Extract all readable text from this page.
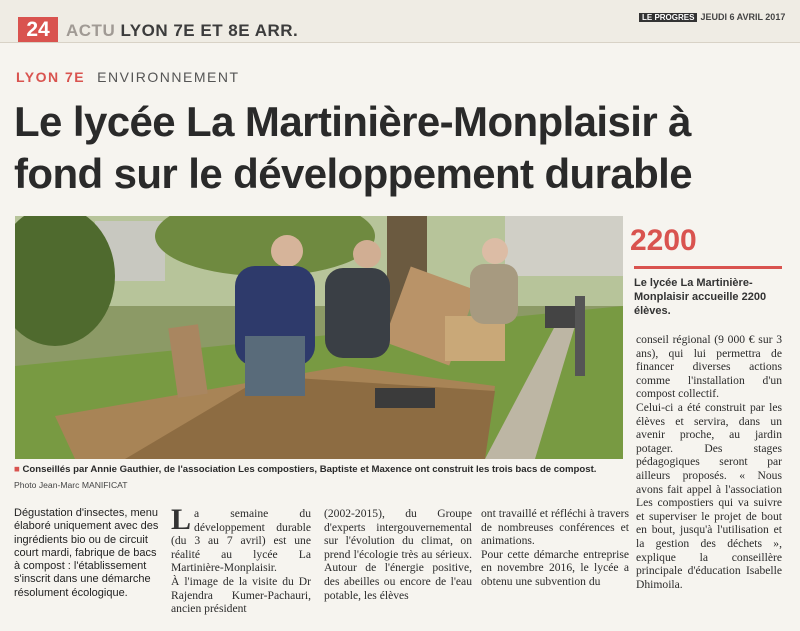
24 ACTU LYON 7E ET 8E ARR.
LE PROGRES JEUDI 6 AVRIL 2017
LYON 7E ENVIRONNEMENT
Le lycée La Martinière-Monplaisir à fond sur le développement durable
■ Conseillés par Annie Gauthier, de l'association Les compostiers, Baptiste et Maxence ont construit les trois bacs de compost.
Photo Jean-Marc MANIFICAT
2200
Le lycée La Martinière-Monplaisir accueille 2200 élèves.
Dégustation d'insectes, menu élaboré uniquement avec des ingrédients bio ou de circuit court mardi, fabrique de bacs à compost : l'établissement s'inscrit dans une démarche résolument écologique.
La semaine du développement durable (du 3 au 7 avril) est une réalité au lycée La Martinière-Monplaisir.
À l'image de la visite du Dr Rajendra Kumer-Pachauri, ancien président
(2002-2015), du Groupe d'experts intergouvernemental sur l'évolution du climat, on prend l'écologie très au sérieux. Autour de l'énergie positive, des abeilles ou encore de l'eau potable, les élèves
ont travaillé et réfléchi à travers de nombreuses conférences et animations.
Pour cette démarche entreprise en novembre 2016, le lycée a obtenu une subvention du
conseil régional (9 000 € sur 3 ans), qui lui permettra de financer diverses actions comme l'installation d'un compost collectif.
Celui-ci a été construit par les élèves et servira, dans un avenir proche, au jardin potager. Des stages pédagogiques seront par ailleurs proposés. « Nous avons fait appel à l'association Les compostiers qui va suivre et superviser le projet de bout en bout, jusqu'à l'utilisation et la gestion des déchets », explique la conseillère principale d'éducation Isabelle Dhimoila.
